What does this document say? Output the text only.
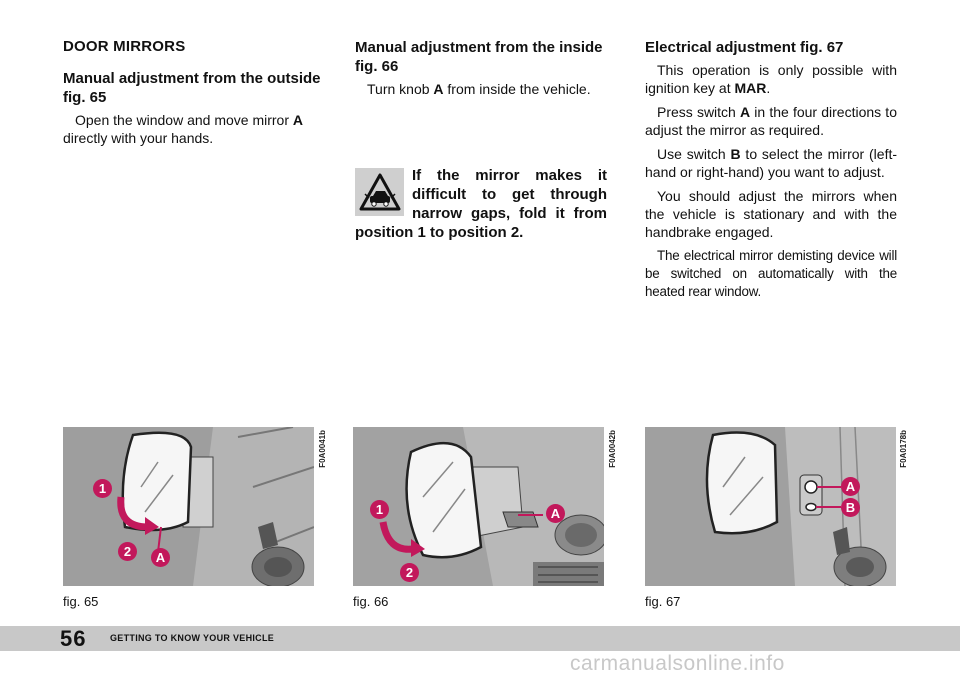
DOOR MIRRORS
Manual adjustment from the outside fig. 65

Open the window and move mirror A directly with your hands.

Manual adjustment from the inside fig. 66

Turn knob A from inside the vehicle.

If the mirror makes it difficult to get through narrow gaps, fold it from position 1 to position 2.
Electrical adjustment fig. 67

This operation is only possible with ignition key at MAR.

Press switch A in the four directions to adjust the mirror as required.

Use switch B to select the mirror (left-hand or right-hand) you want to adjust.

You should adjust the mirrors when the vehicle is stationary and with the handbrake engaged.

The electrical mirror demisting device will be switched on automatically with the heated rear window.

1
2	A
1
2
A
A
B
F0A0041b	F0A0042b	F0A0178b
fig. 65	fig. 66	fig. 67
56	GETTING TO KNOW YOUR VEHICLE
carmanualsonline.info
